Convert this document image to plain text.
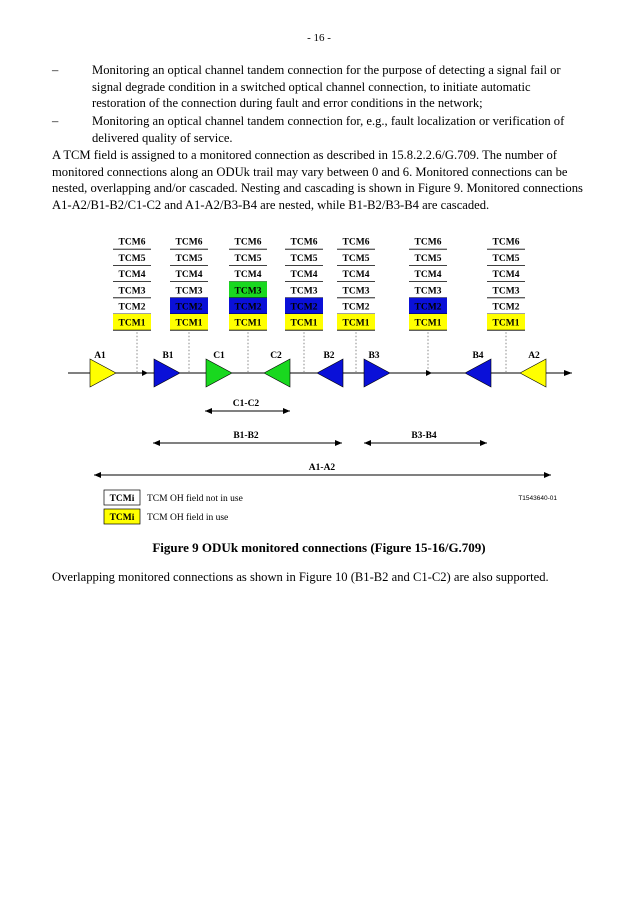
- 16 -
–	Monitoring an optical channel tandem connection for the purpose of detecting a signal fail or signal degrade condition in a switched optical channel connection, to initiate automatic restoration of the connection during fault and error conditions in the network;
–	Monitoring an optical channel tandem connection for, e.g., fault localization or verification of delivered quality of service.
A TCM field is assigned to a monitored connection as described in 15.8.2.2.6/G.709. The number of monitored connections along an ODUk trail may vary between 0 and 6. Monitored connections can be nested, overlapping and/or cascaded. Nesting and cascading is shown in Figure 9. Monitored connections A1-A2/B1-B2/C1-C2 and A1-A2/B3-B4 are nested, while B1-B2/B3-B4 are cascaded.
TCM6
TCM5
TCM4
TCM3
TCM2
TCM1
TCM6
TCM5
TCM4
TCM3
TCM2
TCM1
TCM6
TCM5
TCM4
TCM3
TCM2
TCM1
TCM6
TCM5
TCM4
TCM3
TCM2
TCM1
TCM6
TCM5
TCM4
TCM3
TCM2
TCM1
TCM6
TCM5
TCM4
TCM3
TCM2
TCM1
TCM6
TCM5
TCM4
TCM3
TCM2
TCM1
A1	B1	C1	C2	B2	B3	B4	A2
C1-C2
B1-B2	B3-B4
A1-A2
TCMi TCM OH field not in use
TCMi TCM OH field in use
T1543640-01
Figure 9 ODUk monitored connections (Figure 15-16/G.709)
Overlapping monitored connections as shown in Figure 10 (B1-B2 and C1-C2) are also supported.
